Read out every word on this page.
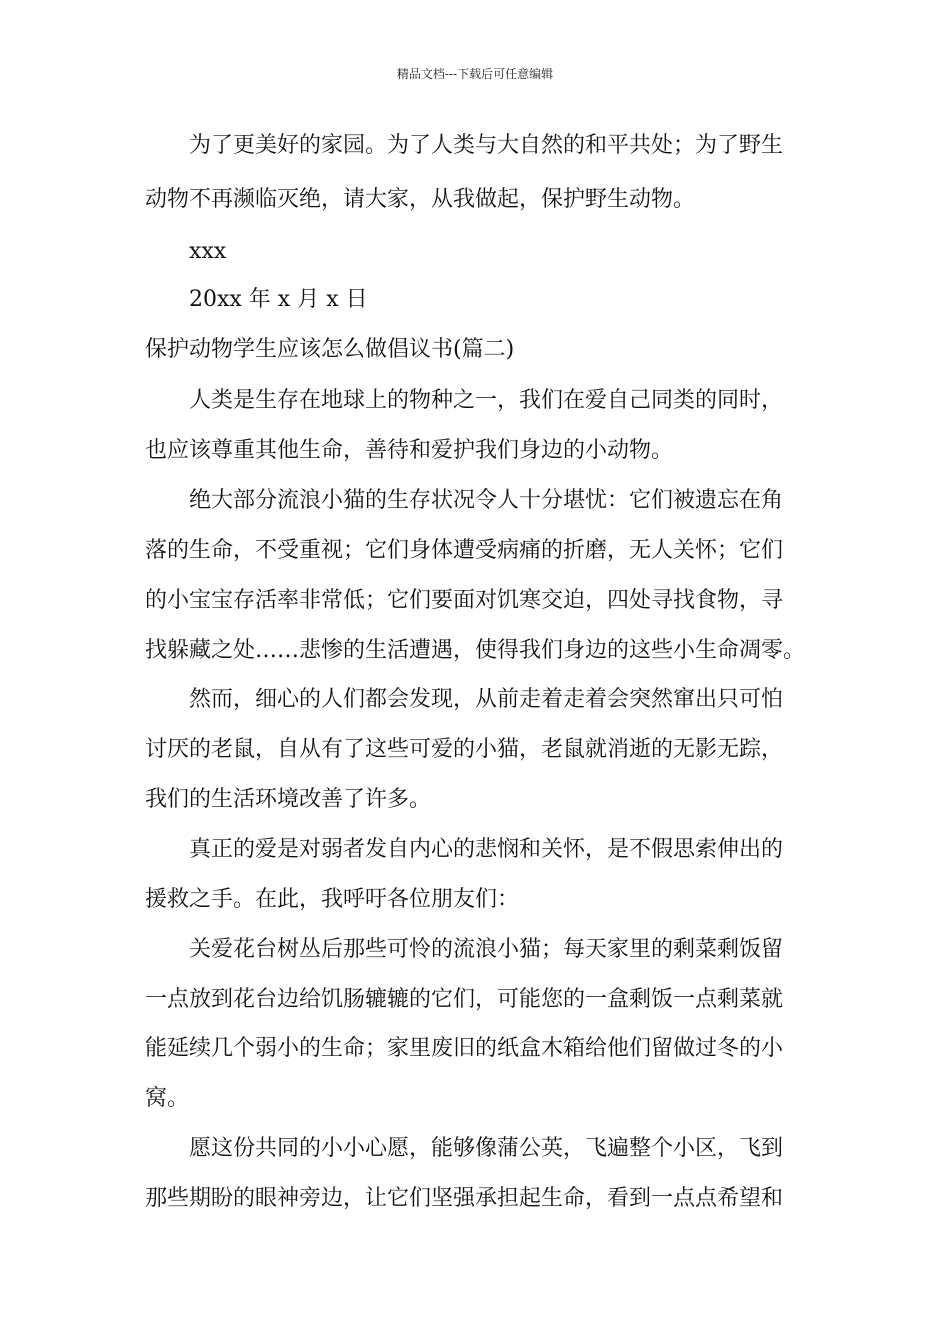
精品文档---下载后可任意编辑
为了更美好的家园。为了人类与大自然的和平共处；为了野生
动物不再濒临灭绝，请大家，从我做起，保护野生动物。
xxx
20xx 年 x 月 x 日
保护动物学生应该怎么做倡议书(篇二)
人类是生存在地球上的物种之一，我们在爱自己同类的同时，
也应该尊重其他生命，善待和爱护我们身边的小动物。
绝大部分流浪小猫的生存状况令人十分堪忧：它们被遗忘在角
落的生命，不受重视；它们身体遭受病痛的折磨，无人关怀；它们
的小宝宝存活率非常低；它们要面对饥寒交迫，四处寻找食物，寻
找躲藏之处……悲惨的生活遭遇，使得我们身边的这些小生命凋零。
然而，细心的人们都会发现，从前走着走着会突然窜出只可怕
讨厌的老鼠，自从有了这些可爱的小猫，老鼠就消逝的无影无踪，
我们的生活环境改善了许多。
真正的爱是对弱者发自内心的悲悯和关怀，是不假思索伸出的
援救之手。在此，我呼吁各位朋友们：
关爱花台树丛后那些可怜的流浪小猫；每天家里的剩菜剩饭留
一点放到花台边给饥肠辘辘的它们，可能您的一盒剩饭一点剩菜就
能延续几个弱小的生命；家里废旧的纸盒木箱给他们留做过冬的小
窝。
愿这份共同的小小心愿，能够像蒲公英，飞遍整个小区，飞到
那些期盼的眼神旁边，让它们坚强承担起生命，看到一点点希望和
